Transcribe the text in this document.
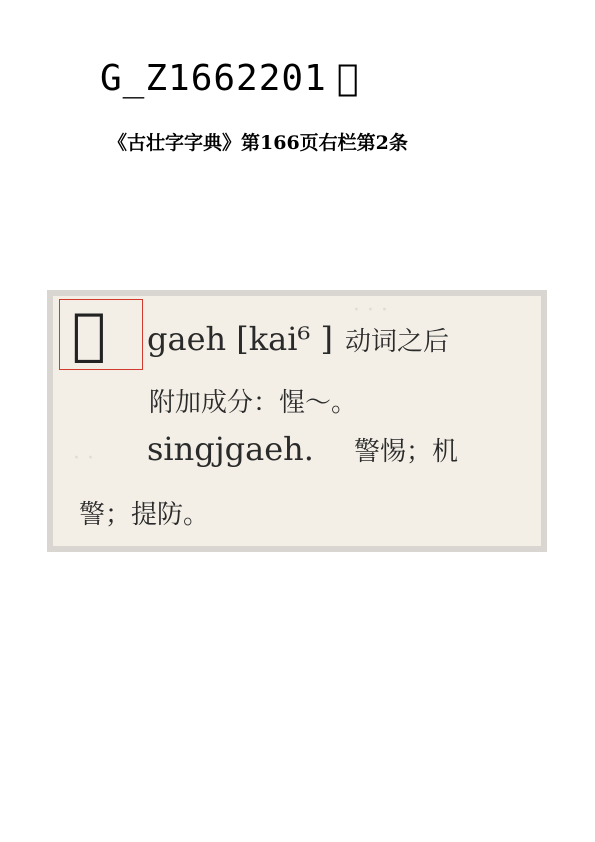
G_Z1662201 𭪄
《古壮字字典》第166页右栏第2条
· · ·
· ·
𭪄 gaeh [kai⁶ ] 动词之后
附加成分：惺～。
singjgaeh. 警惕；机
警；提防。
